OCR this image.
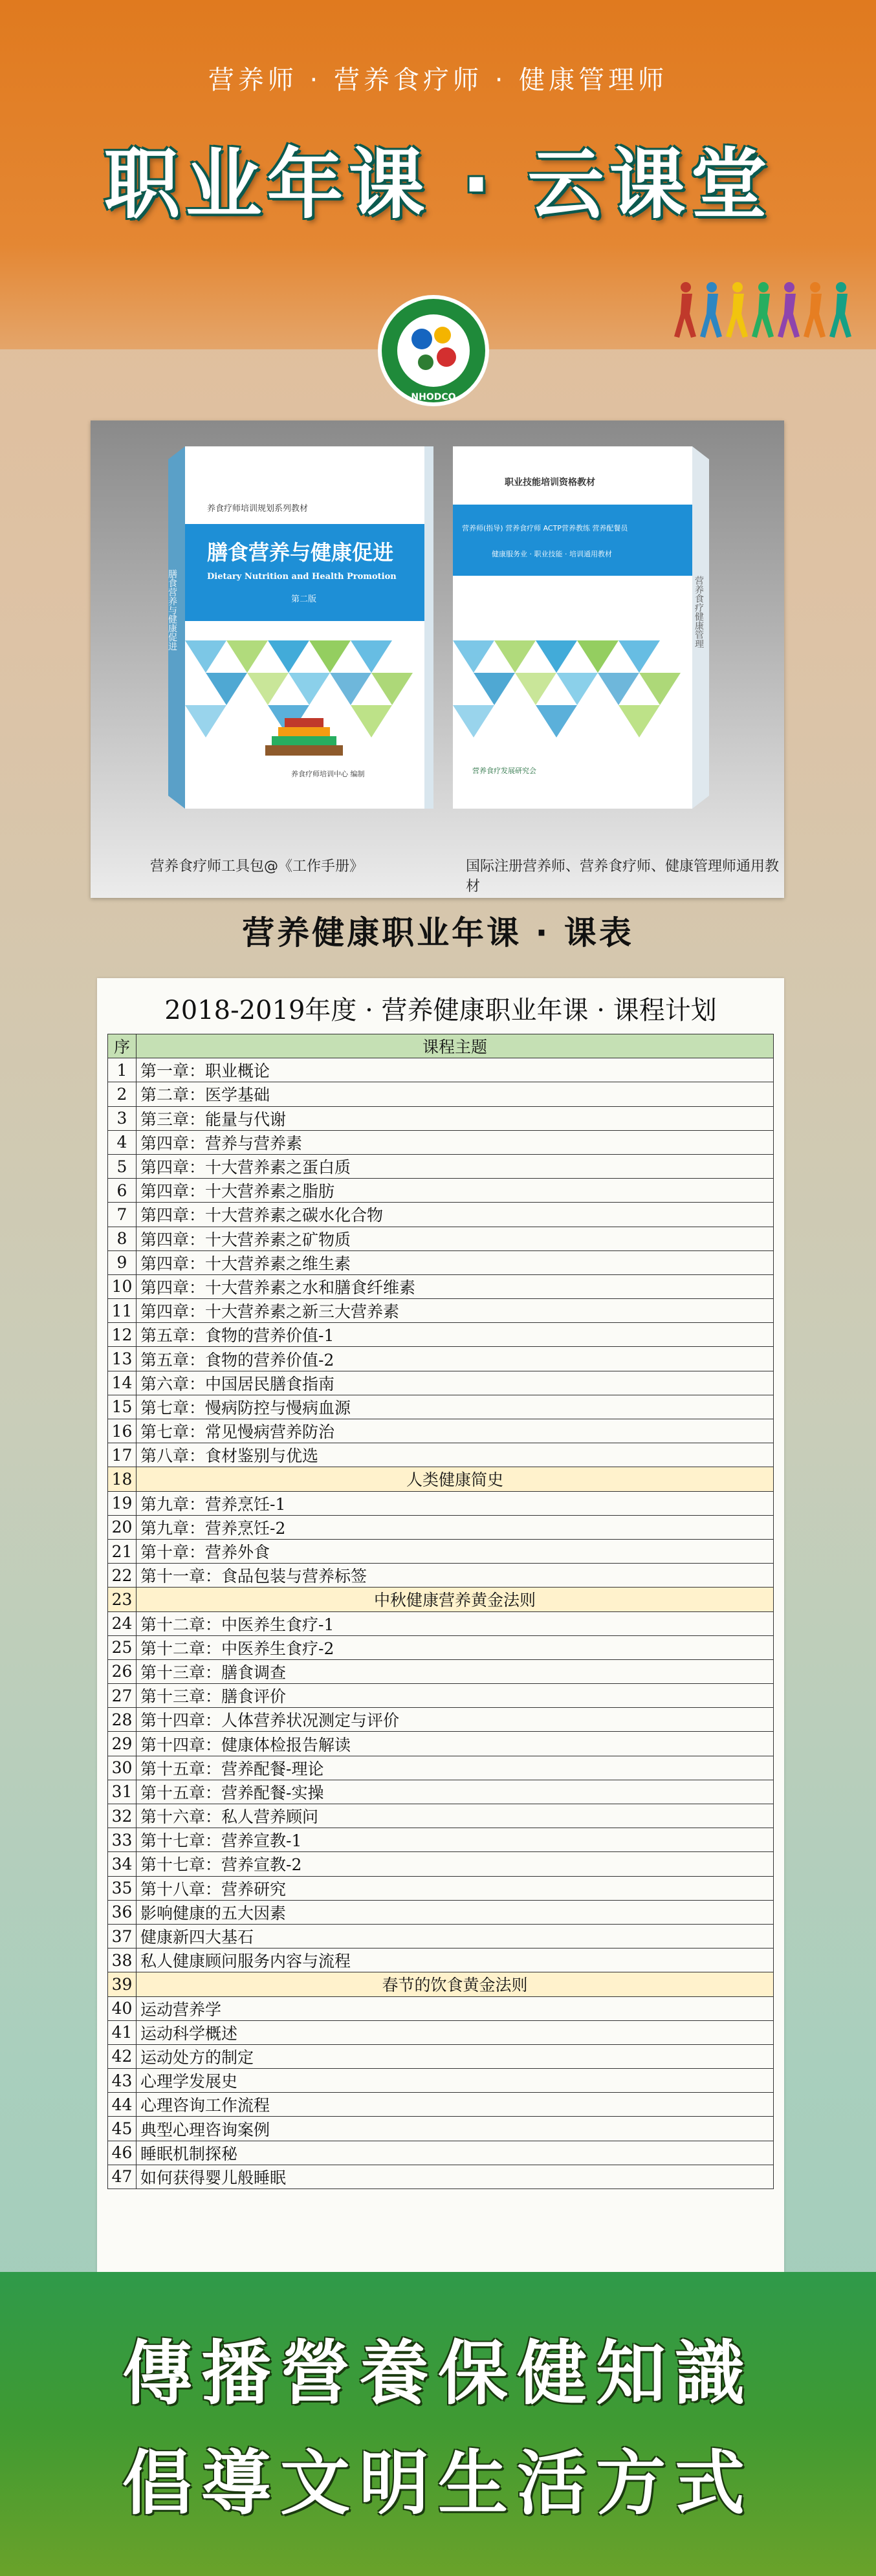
营养师 · 营养食疗师 · 健康管理师
职业年课 · 云课堂
NHODCO
养食疗师培训规划系列教材
膳食营养与健康促进
Dietary Nutrition and Health Promotion
第二版
养食疗师培训中心 编制
膳食营养与健康促进
职业技能培训资格教材
营养师(指导) 营养食疗师 ACTP营养教练 营养配餐员
健康服务业 · 职业技能 · 培训通用教材
营养食疗发展研究会
营养食疗健康管理
营养食疗师工具包@《工作手册》	国际注册营养师、营养食疗师、健康管理师通用教材
营养健康职业年课 · 课表
2018-2019年度 · 营养健康职业年课 · 课程计划
序	课程主题
1	第一章：职业概论
2	第二章：医学基础
3	第三章：能量与代谢
4	第四章：营养与营养素
5	第四章：十大营养素之蛋白质
6	第四章：十大营养素之脂肪
7	第四章：十大营养素之碳水化合物
8	第四章：十大营养素之矿物质
9	第四章：十大营养素之维生素
10	第四章：十大营养素之水和膳食纤维素
11	第四章：十大营养素之新三大营养素
12	第五章：食物的营养价值-1
13	第五章：食物的营养价值-2
14	第六章：中国居民膳食指南
15	第七章：慢病防控与慢病血源
16	第七章：常见慢病营养防治
17	第八章：食材鉴别与优选
18	人类健康简史
19	第九章：营养烹饪-1
20	第九章：营养烹饪-2
21	第十章：营养外食
22	第十一章：食品包装与营养标签
23	中秋健康营养黄金法则
24	第十二章：中医养生食疗-1
25	第十二章：中医养生食疗-2
26	第十三章：膳食调查
27	第十三章：膳食评价
28	第十四章：人体营养状况测定与评价
29	第十四章：健康体检报告解读
30	第十五章：营养配餐-理论
31	第十五章：营养配餐-实操
32	第十六章：私人营养顾问
33	第十七章：营养宣教-1
34	第十七章：营养宣教-2
35	第十八章：营养研究
36	影响健康的五大因素
37	健康新四大基石
38	私人健康顾问服务内容与流程
39	春节的饮食黄金法则
40	运动营养学
41	运动科学概述
42	运动处方的制定
43	心理学发展史
44	心理咨询工作流程
45	典型心理咨询案例
46	睡眠机制探秘
47	如何获得婴儿般睡眠
傳播營養保健知識
倡導文明生活方式
